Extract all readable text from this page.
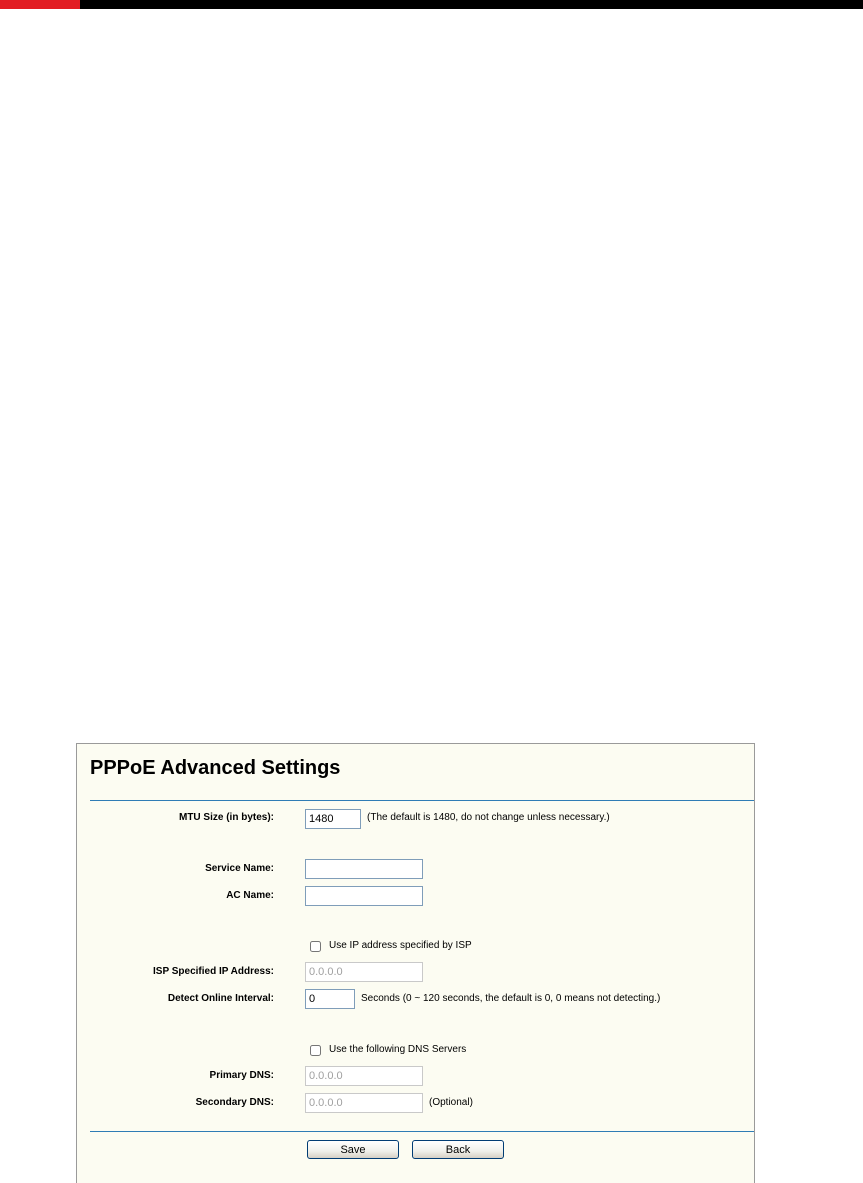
PPPoE Advanced Settings
MTU Size (in bytes):
1480	(The default is 1480, do not change unless necessary.)
Service Name:
AC Name:
Use IP address specified by ISP
ISP Specified IP Address:
0.0.0.0
Detect Online Interval:
0	Seconds (0 ~ 120 seconds, the default is 0, 0 means not detecting.)
Use the following DNS Servers
Primary DNS:
0.0.0.0
Secondary DNS:
0.0.0.0	(Optional)
Save	Back
